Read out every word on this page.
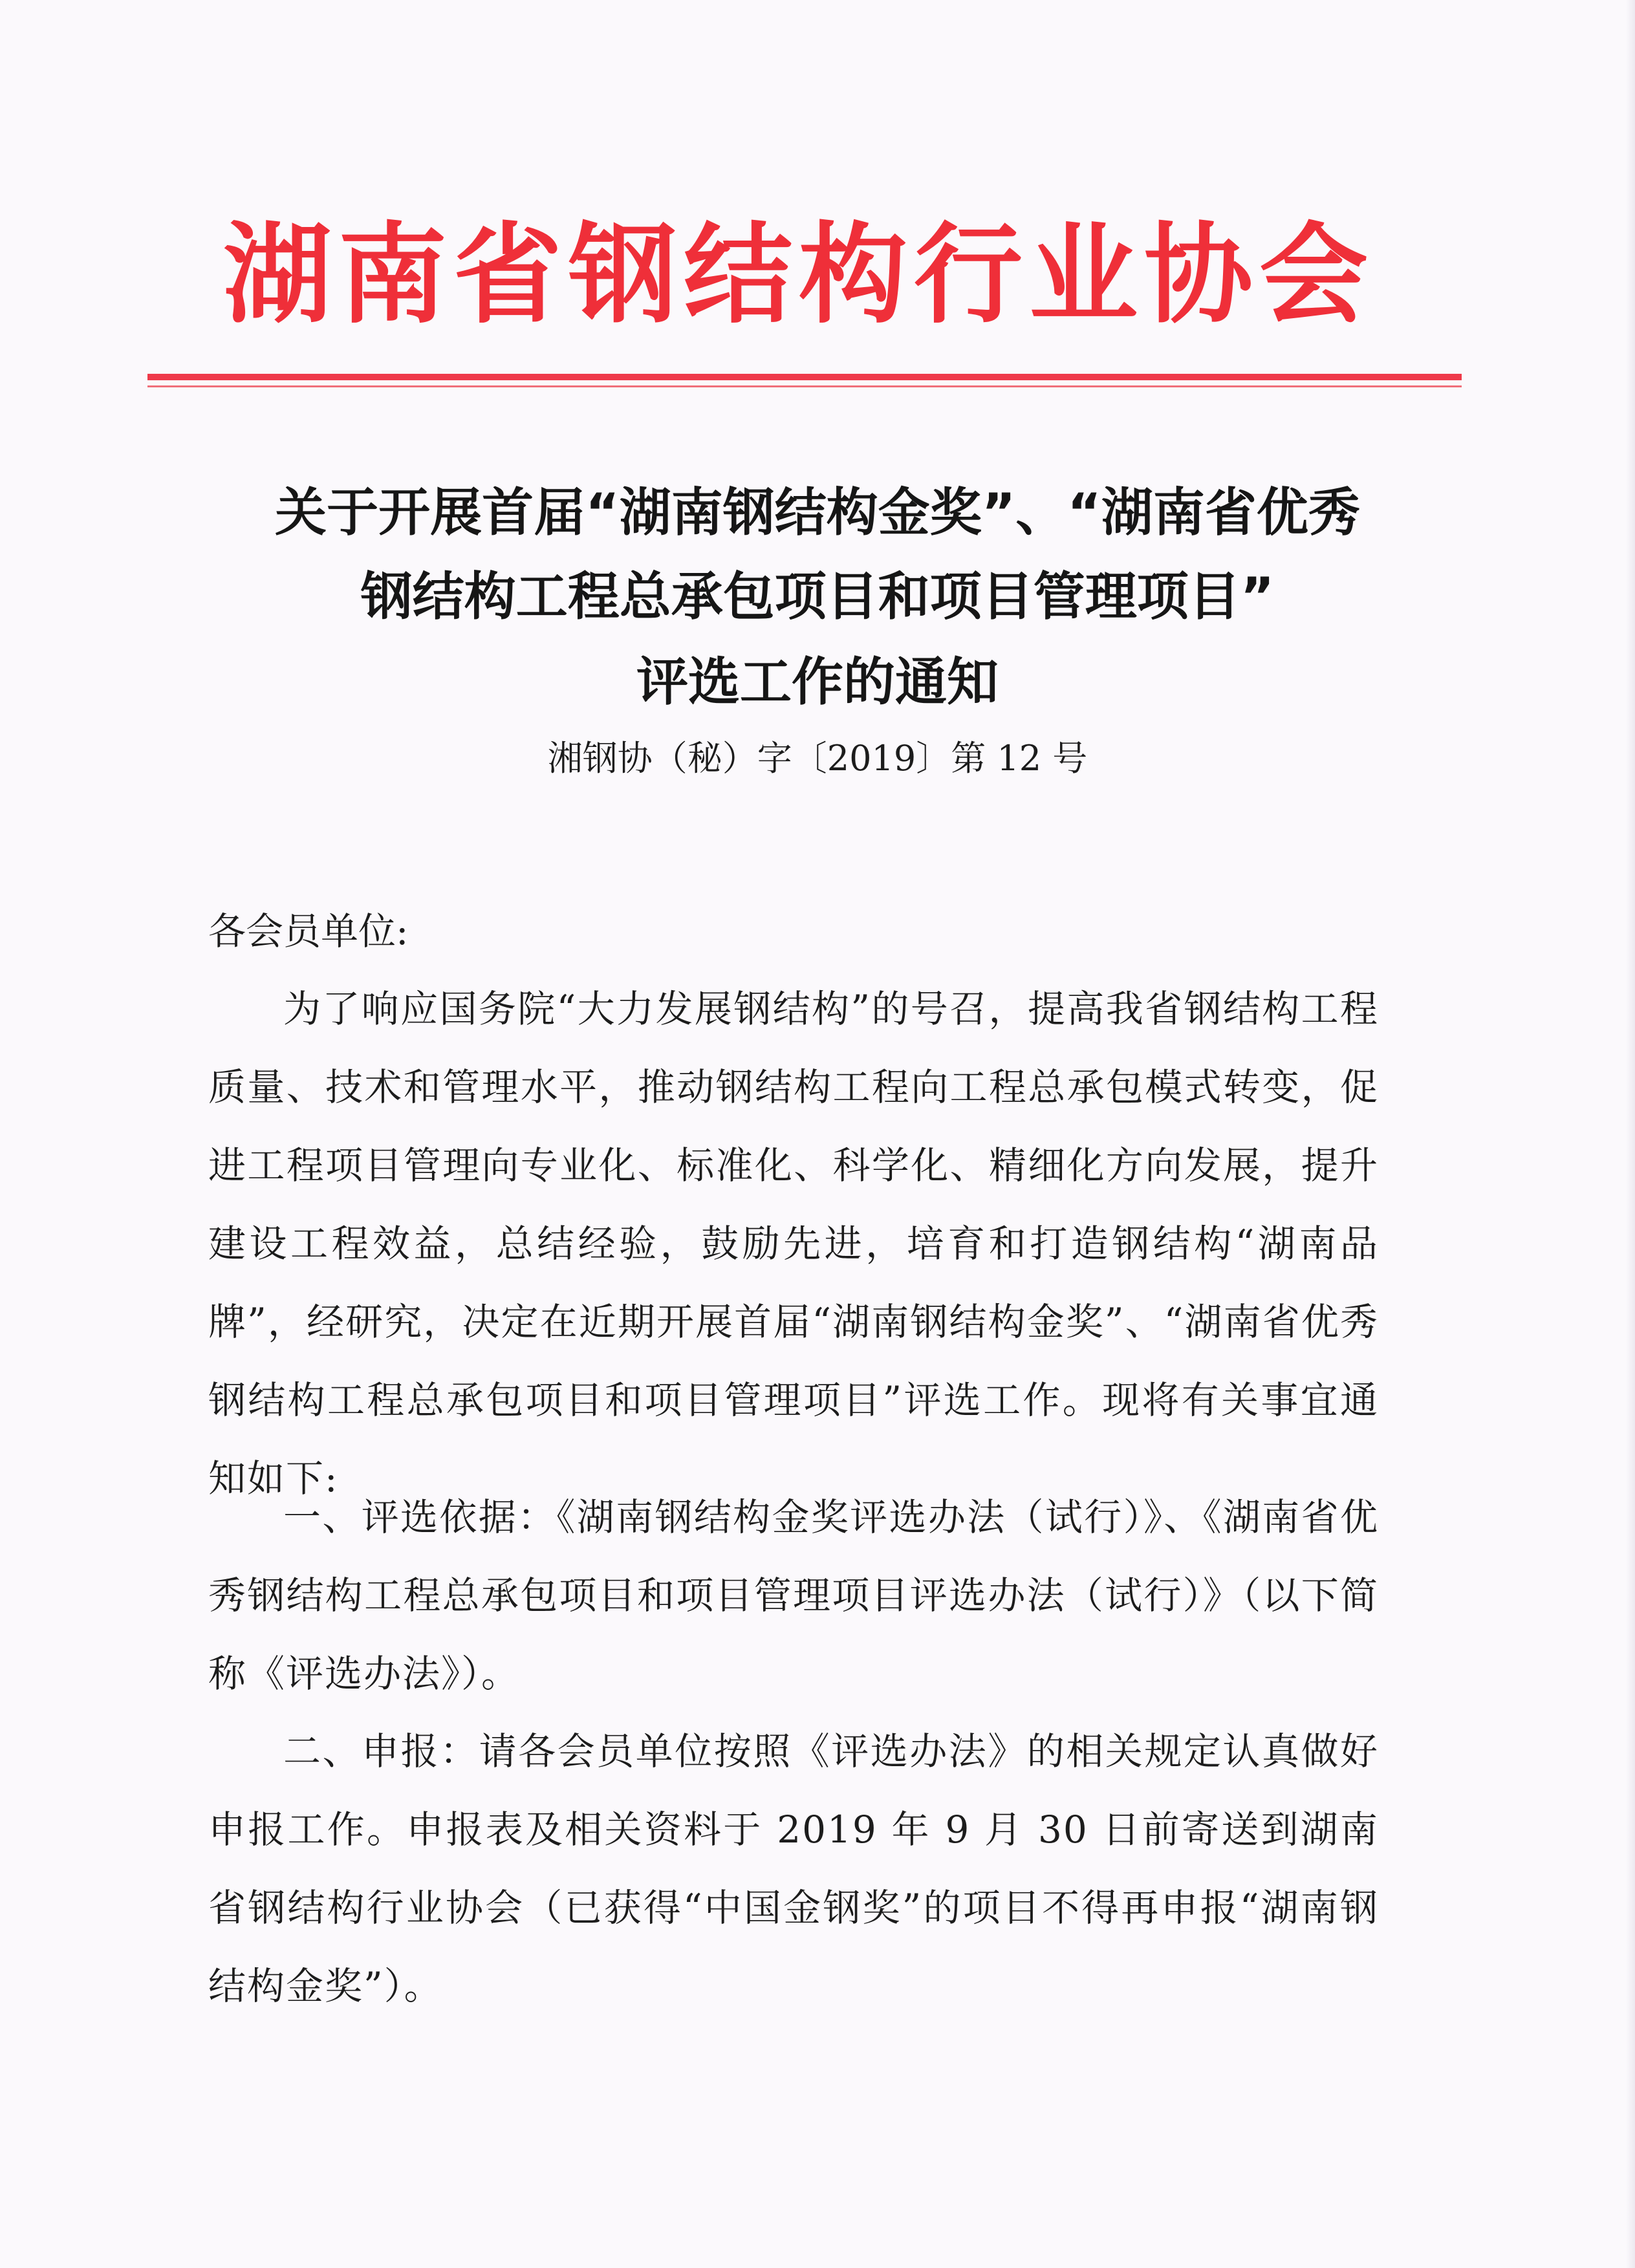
湖南省钢结构行业协会
关于开展首届“湖南钢结构金奖”、“湖南省优秀
钢结构工程总承包项目和项目管理项目”
评选工作的通知
湘钢协（秘）字〔2019〕第 12 号
各会员单位:
为了响应国务院“大力发展钢结构”的号召，提高我省钢结构工程质量、技术和管理水平，推动钢结构工程向工程总承包模式转变，促进工程项目管理向专业化、标准化、科学化、精细化方向发展，提升建设工程效益，总结经验，鼓励先进，培育和打造钢结构“湖南品牌”，经研究，决定在近期开展首届“湖南钢结构金奖”、“湖南省优秀钢结构工程总承包项目和项目管理项目”评选工作。现将有关事宜通知如下:
一、评选依据：《湖南钢结构金奖评选办法（试行）》、《湖南省优秀钢结构工程总承包项目和项目管理项目评选办法（试行）》（以下简称《评选办法》）。
二、申报：请各会员单位按照《评选办法》的相关规定认真做好申报工作。申报表及相关资料于 2019 年 9 月 30 日前寄送到湖南省钢结构行业协会（已获得“中国金钢奖”的项目不得再申报“湖南钢结构金奖”）。
